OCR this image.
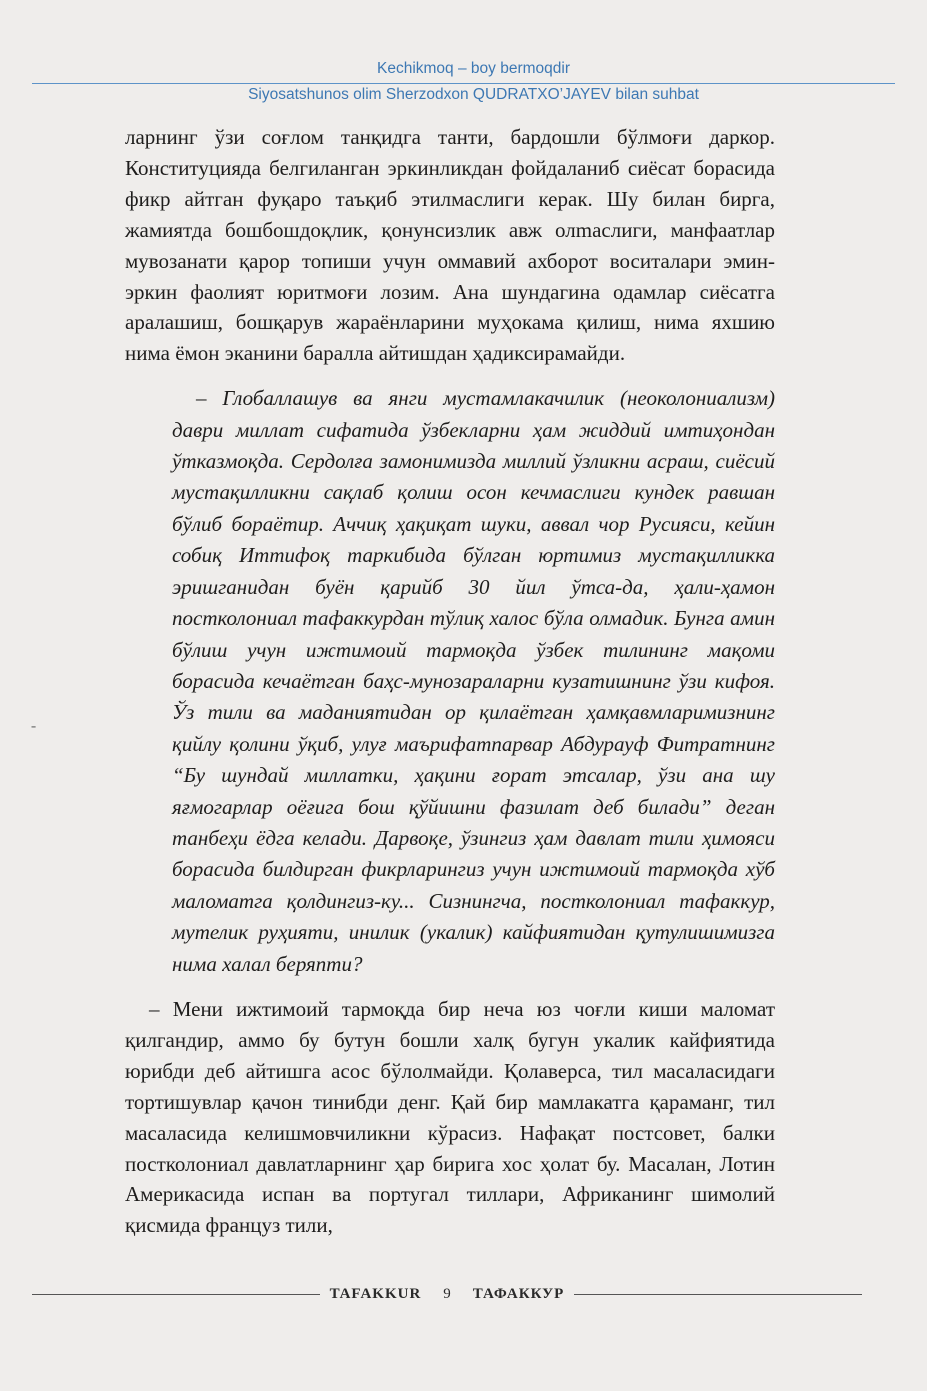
Kechikmoq – boy bermoqdir
Siyosatshunos olim Sherzodxon QUDRATXO’JAYEV bilan suhbat
⁃

ларнинг ўзи соғлом танқидга танти, бардошли бўлмоғи даркор. Конституцияда белгиланган эркинликдан фойдаланиб сиёсат борасида фикр айтган фуқаро таъқиб этилмаслиги керак. Шу билан бирга, жамиятда бошбошдоқлик, қонунсизлик авж олmaслиги, манфаатлар мувозанати қарор топиши учун оммавий ахборот воситалари эмин-эркин фаолият юритмоғи лозим. Ана шундагина одамлар сиёсатга аралашиш, бошқарув жараёнларини муҳокама қилиш, нима яхшию нима ёмон эканини баралла айтишдан ҳадиксирамайди.

– Глобаллашув ва янги мустамлакачилик (неоколониализм) даври миллат сифатида ўзбекларни ҳам жиддий имтиҳондан ўтказмоқда. Сердолға замонимизда миллий ўзликни асраш, сиёсий мустақилликни сақлаб қолиш осон кечмаслиги кундек равшан бўлиб бораётир. Аччиқ ҳақиқат шуки, аввал чор Русияси, кейин собиқ Иттифоқ таркибида бўлган юртимиз мустақилликка эришганидан буён қарийб 30 йил ўтса-да, ҳали-ҳамон постколониал тафаккурдан тўлиқ халос бўла олмадик. Бунга амин бўлиш учун ижтимоий тармоқда ўзбек тилининг мақоми борасида кечаётган баҳс-мунозараларни кузатишнинг ўзи кифоя. Ўз тили ва маданиятидан ор қилаётган ҳамқавмларимизнинг қийлу қолини ўқиб, улуғ маърифатпарвар Абдурауф Фитратнинг “Бу шундай миллатки, ҳақини ғорат этсалар, ўзи ана шу яғмогарлар оёғига бош қўйишни фазилат деб билади” деган танбеҳи ёдга келади. Дарвоқе, ўзингиз ҳам давлат тили ҳимояси борасида билдирган фикрларингиз учун ижтимоий тармоқда хўб маломатга қолдингиз-ку... Сизнингча, постколониал тафаккур, мутелик руҳияти, инилик (укалик) кайфиятидан қутулишимизга нима халал беряпти?

– Мени ижтимоий тармоқда бир неча юз чоғли киши маломат қилгандир, аммо бу бутун бошли халқ бугун укалик кайфиятида юрибди деб айтишга асос бўлолмайди. Қолаверса, тил масаласидаги тортишувлар қачон тинибди денг. Қай бир мамлакатга қараманг, тил масаласида келишмовчиликни кўрасиз. Нафақат постсовет, балки постколониал давлатларнинг ҳар бирига хос ҳолат бу. Масалан, Лотин Америкасида испан ва португал тиллари, Африканинг шимолий қисмида француз тили,

TAFAKKUR 9 ТАФАККУР
